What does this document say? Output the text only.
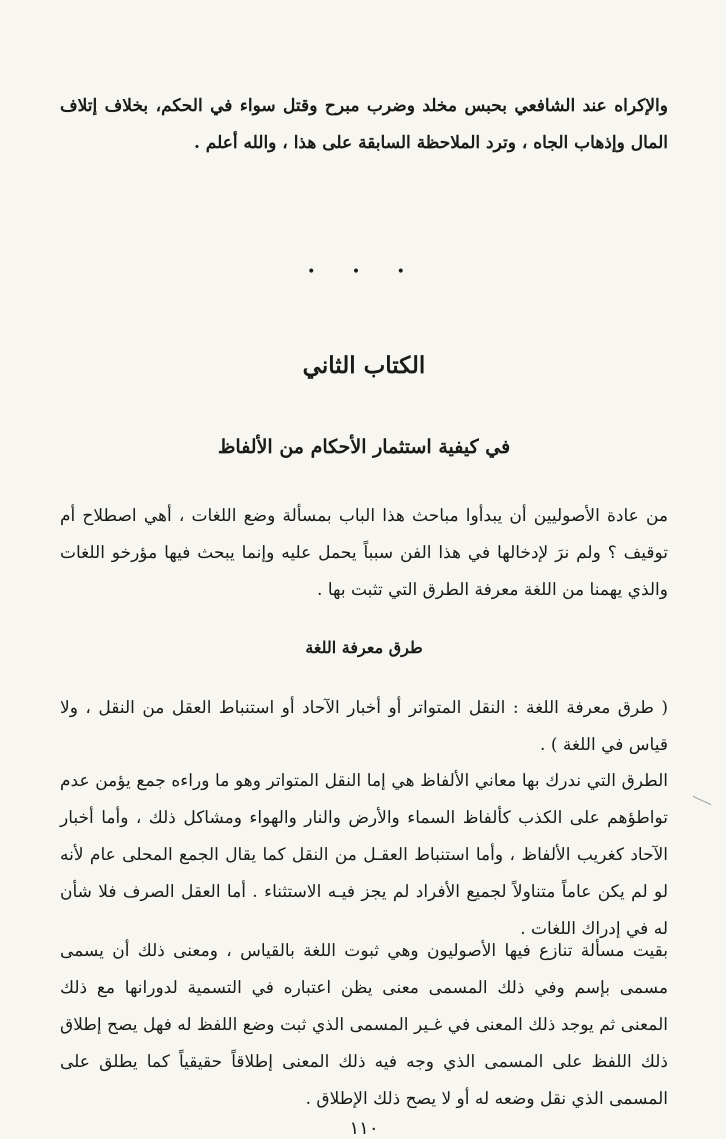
والإكراه عند الشافعي بحبس مخلد وضرب مبرح وقتل سواء في الحكم، بخلاف إتلاف المال وإذهاب الجاه ، وترد الملاحظة السابقة على هذا ، والله أعلم .

• • •
الكتاب الثاني
في كيفية استثمار الأحكام من الألفاظ

من عادة الأصوليين أن يبدأوا مباحث هذا الباب بمسألة وضع اللغات ، أهي اصطلاح أم توقيف ؟ ولم نرَ لإدخالها في هذا الفن سبباً يحمل عليه وإنما يبحث فيها مؤرخو اللغات والذي يهمنا من اللغة معرفة الطرق التي تثبت بها .

طرق معرفة اللغة

( طرق معرفة اللغة : النقل المتواتر أو أخبار الآحاد أو استنباط العقل من النقل ، ولا قياس في اللغة ) .

الطرق التي ندرك بها معاني الألفاظ هي إما النقل المتواتر وهو ما وراءه جمع يؤمن عدم تواطؤهم على الكذب كألفاظ السماء والأرض والنار والهواء ومشاكل ذلك ، وأما أخبار الآحاد كغريب الألفاظ ، وأما استنباط العقـل من النقل كما يقال الجمع المحلى عام لأنه لو لم يكن عاماً متناولاً لجميع الأفراد لم يجز فيـه الاستثناء . أما العقل الصرف فلا شأن له في إدراك اللغات .

بقيت مسألة تنازع فيها الأصوليون وهي ثبوت اللغة بالقياس ، ومعنى ذلك أن يسمى مسمى بإسم وفي ذلك المسمى معنى يظن اعتباره في التسمية لدورانها مع ذلك المعنى ثم يوجد ذلك المعنى في غـير المسمى الذي ثبت وضع اللفظ له فهل يصح إطلاق ذلك اللفظ على المسمى الذي وجه فيه ذلك المعنى إطلاقاً حقيقياً كما يطلق على المسمى الذي نقل وضعه له أو لا يصح ذلك الإطلاق .

١١٠
